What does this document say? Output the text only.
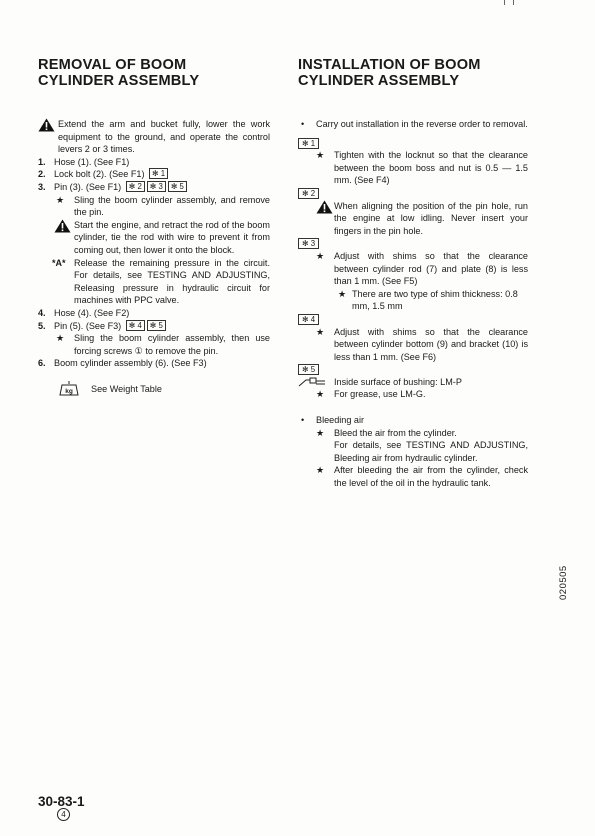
REMOVAL OF BOOM
CYLINDER ASSEMBLY

Extend the arm and bucket fully, lower the work equipment to the ground, and operate the control levers 2 or 3 times.

1. Hose (1). (See F1)
2. Lock bolt (2). (See F1) ✻ 1
3. Pin (3). (See F1) ✻ 2 ✻ 3 ✻ 5
★ Sling the boom cylinder assembly, and remove the pin.

Start the engine, and retract the rod of the boom cylinder, tie the rod with wire to prevent it from coming out, then lower it onto the block.

*A* Release the remaining pressure in the circuit. For details, see TESTING AND ADJUSTING, Releasing pressure in hydraulic circuit for machines with PPC valve.

4. Hose (4). (See F2)
5. Pin (5). (See F3) ✻ 4 ✻ 5
★ Sling the boom cylinder assembly, then use forcing screws ① to remove the pin.

6. Boom cylinder assembly (6). (See F3)
kg See Weight Table
INSTALLATION OF BOOM
CYLINDER ASSEMBLY
• Carry out installation in the reverse order to removal.

✻ 1
★ Tighten with the locknut so that the clearance between the boom boss and nut is 0.5 — 1.5 mm. (See F4)

✻ 2

When aligning the position of the pin hole, run the engine at low idling. Never insert your fingers in the pin hole.

✻ 3
★ Adjust with shims so that the clearance between cylinder rod (7) and plate (8) is less than 1 mm. (See F5)

★ There are two type of shim thickness: 0.8 mm, 1.5 mm

✻ 4
★ Adjust with shims so that the clearance between cylinder bottom (9) and bracket (10) is less than 1 mm. (See F6)

✻ 5

Inside surface of bushing: LM-P

★ For grease, use LM-G.

• Bleeding air

★ Bleed the air from the cylinder.

For details, see TESTING AND ADJUSTING, Bleeding air from hydraulic cylinder.

★ After bleeding the air from the cylinder, check the level of the oil in the hydraulic tank.

020505
30-83-1
4
